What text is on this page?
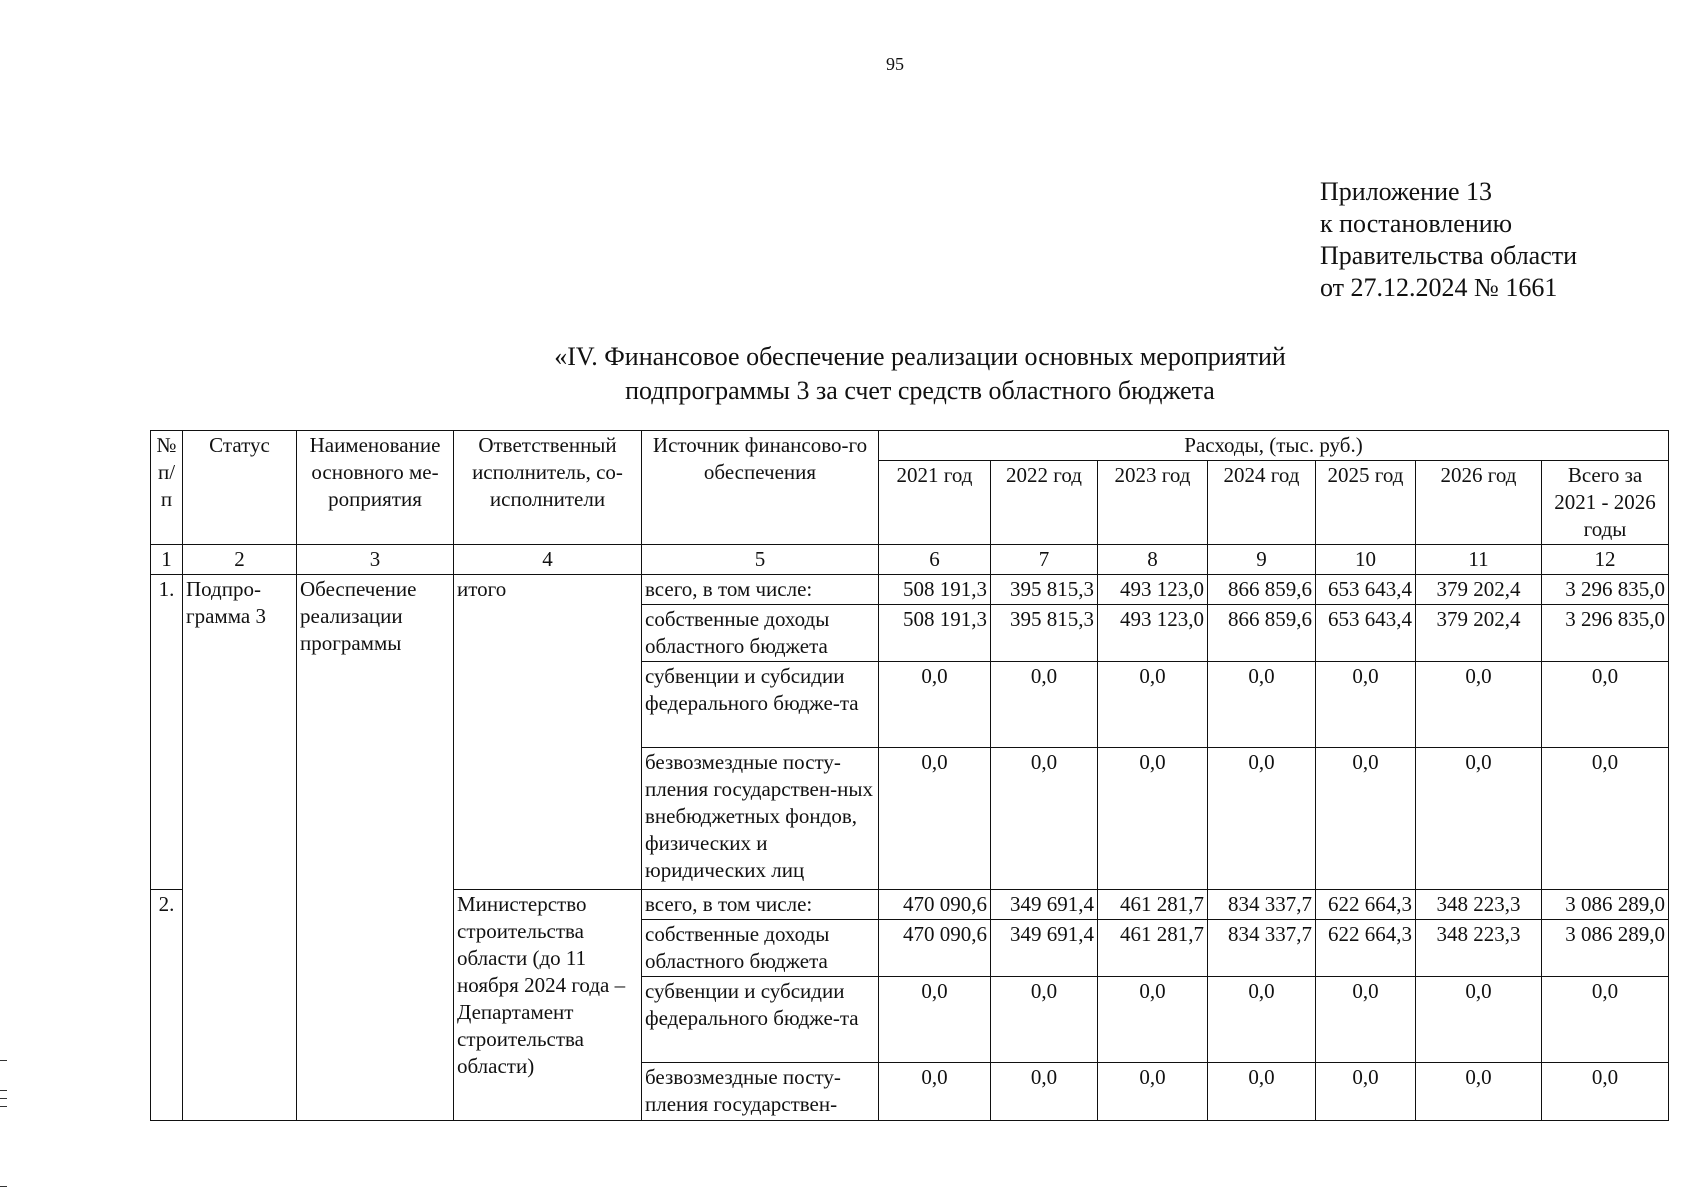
95
Приложение 13
к постановлению
Правительства области
от 27.12.2024 № 1661
«IV. Финансовое обеспечение реализации основных мероприятий
подпрограммы 3 за счет средств областного бюджета
№ п/п	Статус	Наименование основного ме-роприятия	Ответственный исполнитель, со-исполнители	Источник финансово-го обеспечения	Расходы, (тыс. руб.)						
					2021 год	2022 год	2023 год	2024 год	2025 год	2026 год	Всего за 2021 - 2026 годы
1	2	3	4	5	6	7	8	9	10	11	12
1.	Подпро-грамма 3	Обеспечение реализации программы	итого	всего, в том числе:	508 191,3	395 815,3	493 123,0	866 859,6	653 643,4	379 202,4	3 296 835,0
				собственные доходы областного бюджета	508 191,3	395 815,3	493 123,0	866 859,6	653 643,4	379 202,4	3 296 835,0
				субвенции и субсидии федерального бюдже-та	0,0	0,0	0,0	0,0	0,0	0,0	0,0
				безвозмездные посту-пления государствен-ных внебюджетных фондов, физических и юридических лиц	0,0	0,0	0,0	0,0	0,0	0,0	0,0
2.			Министерство строительства области (до 11 ноября 2024 года – Департамент строительства области)	всего, в том числе:	470 090,6	349 691,4	461 281,7	834 337,7	622 664,3	348 223,3	3 086 289,0
				собственные доходы областного бюджета	470 090,6	349 691,4	461 281,7	834 337,7	622 664,3	348 223,3	3 086 289,0
				субвенции и субсидии федерального бюдже-та	0,0	0,0	0,0	0,0	0,0	0,0	0,0
				безвозмездные посту-пления государствен-	0,0	0,0	0,0	0,0	0,0	0,0	0,0
